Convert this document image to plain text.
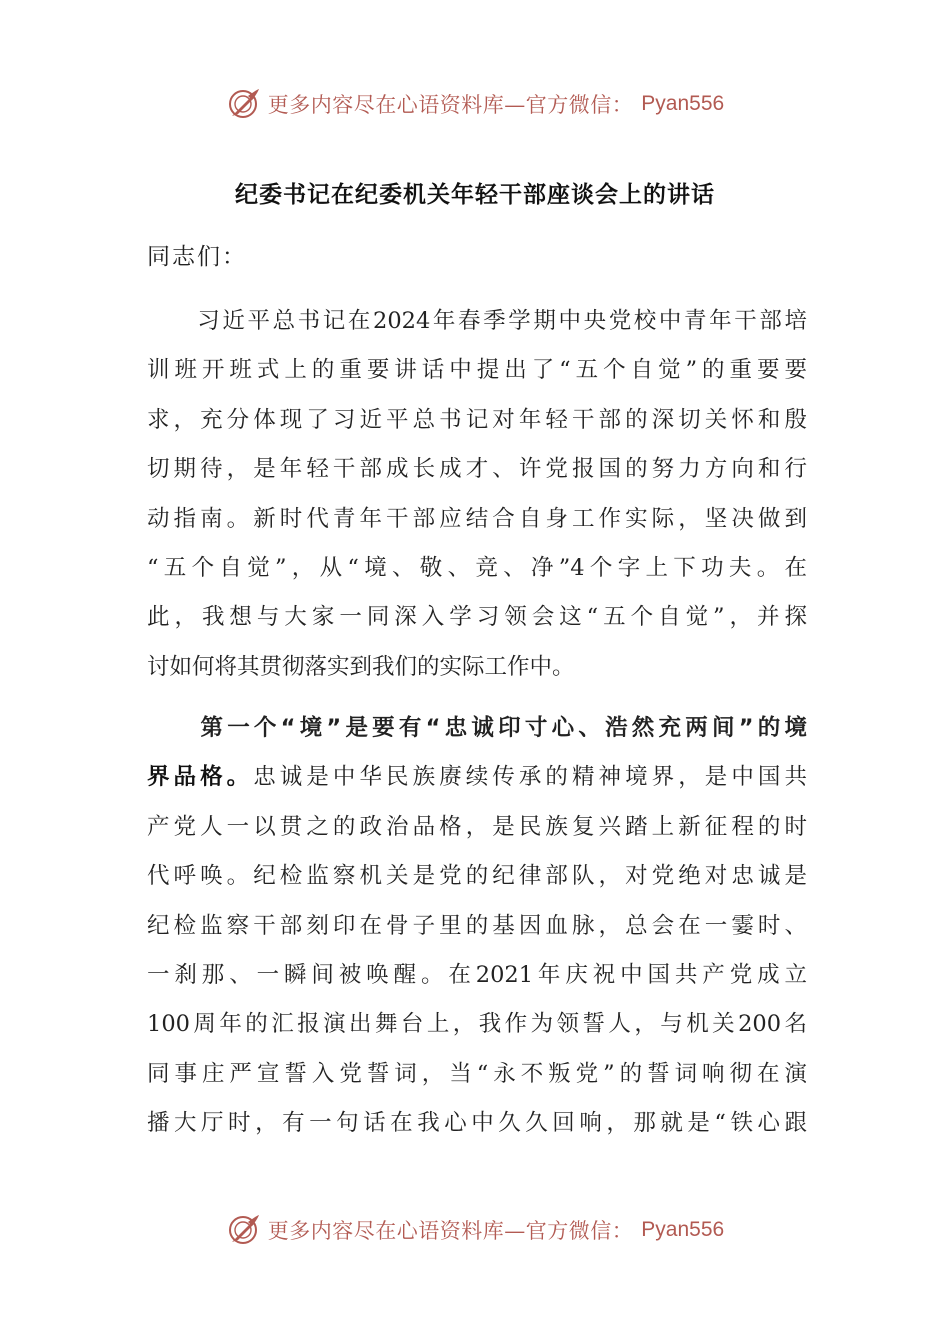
更多内容尽在心语资料库—官方微信： Pyan556
纪委书记在纪委机关年轻干部座谈会上的讲话
同志们：
　　习近平总书记在2024年春季学期中央党校中青年干部培
训班开班式上的重要讲话中提出了“五个自觉”的重要要
求，充分体现了习近平总书记对年轻干部的深切关怀和殷
切期待，是年轻干部成长成才、许党报国的努力方向和行
动指南。新时代青年干部应结合自身工作实际，坚决做到
“五个自觉”，从“境、敬、竞、净”4个字上下功夫。在
此，我想与大家一同深入学习领会这“五个自觉”，并探
讨如何将其贯彻落实到我们的实际工作中。
　　第一个“境”是要有“忠诚印寸心、浩然充两间”的境
界品格。忠诚是中华民族赓续传承的精神境界，是中国共
产党人一以贯之的政治品格，是民族复兴踏上新征程的时
代呼唤。纪检监察机关是党的纪律部队，对党绝对忠诚是
纪检监察干部刻印在骨子里的基因血脉，总会在一霎时、
一刹那、一瞬间被唤醒。在2021年庆祝中国共产党成立
100周年的汇报演出舞台上，我作为领誓人，与机关200名
同事庄严宣誓入党誓词，当“永不叛党”的誓词响彻在演
播大厅时，有一句话在我心中久久回响，那就是“铁心跟
更多内容尽在心语资料库—官方微信： Pyan556
